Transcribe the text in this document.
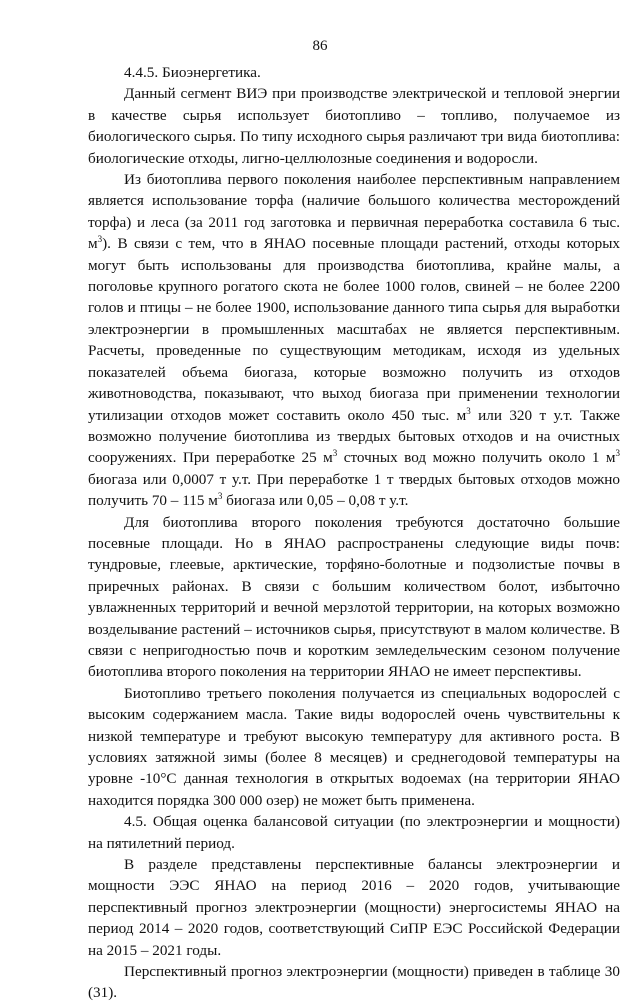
86

4.4.5. Биоэнергетика.

Данный сегмент ВИЭ при производстве электрической и тепловой энергии в качестве сырья использует биотопливо – топливо, получаемое из биологического сырья. По типу исходного сырья различают три вида биотоплива: биологические отходы, лигно-целлюлозные соединения и водоросли.

Из биотоплива первого поколения наиболее перспективным направлением является использование торфа (наличие большого количества месторождений торфа) и леса (за 2011 год заготовка и первичная переработка составила 6 тыс. $м^3$). В связи с тем, что в ЯНАО посевные площади растений, отходы которых могут быть использованы для производства биотоплива, крайне малы, а поголовье крупного рогатого скота не более 1000 голов, свиней – не более 2200 голов и птицы – не более 1900, использование данного типа сырья для выработки электроэнергии в промышленных масштабах не является перспективным. Расчеты, проведенные по существующим методикам, исходя из удельных показателей объема биогаза, которые возможно получить из отходов животноводства, показывают, что выход биогаза при применении технологии утилизации отходов может составить около 450 тыс. $м^3$ или 320 т у.т. Также возможно получение биотоплива из твердых бытовых отходов и на очистных сооружениях. При переработке 25 $м^3$ сточных вод можно получить около 1 $м^3$ биогаза или 0,0007 т у.т. При переработке 1 т твердых бытовых отходов можно получить 70 – 115 $м^3$ биогаза или 0,05 – 0,08 т у.т.

Для биотоплива второго поколения требуются достаточно большие посевные площади. Но в ЯНАО распространены следующие виды почв: тундровые, глеевые, арктические, торфяно-болотные и подзолистые почвы в приречных районах. В связи с большим количеством болот, избыточно увлажненных территорий и вечной мерзлотой территории, на которых возможно возделывание растений – источников сырья, присутствуют в малом количестве. В связи с непригодностью почв и коротким земледельческим сезоном получение биотоплива второго поколения на территории ЯНАО не имеет перспективы.

Биотопливо третьего поколения получается из специальных водорослей с высоким содержанием масла. Такие виды водорослей очень чувствительны к низкой температуре и требуют высокую температуру для активного роста. В условиях затяжной зимы (более 8 месяцев) и среднегодовой температуры на уровне -10°С данная технология в открытых водоемах (на территории ЯНАО находится порядка 300 000 озер) не может быть применена.

4.5. Общая оценка балансовой ситуации (по электроэнергии и мощности) на пятилетний период.

В разделе представлены перспективные балансы электроэнергии и мощности ЭЭС ЯНАО на период 2016 – 2020 годов, учитывающие перспективный прогноз электроэнергии (мощности) энергосистемы ЯНАО на период 2014 – 2020 годов, соответствующий СиПР ЕЭС Российской Федерации на 2015 – 2021 годы.

Перспективный прогноз электроэнергии (мощности) приведен в таблице 30 (31).
